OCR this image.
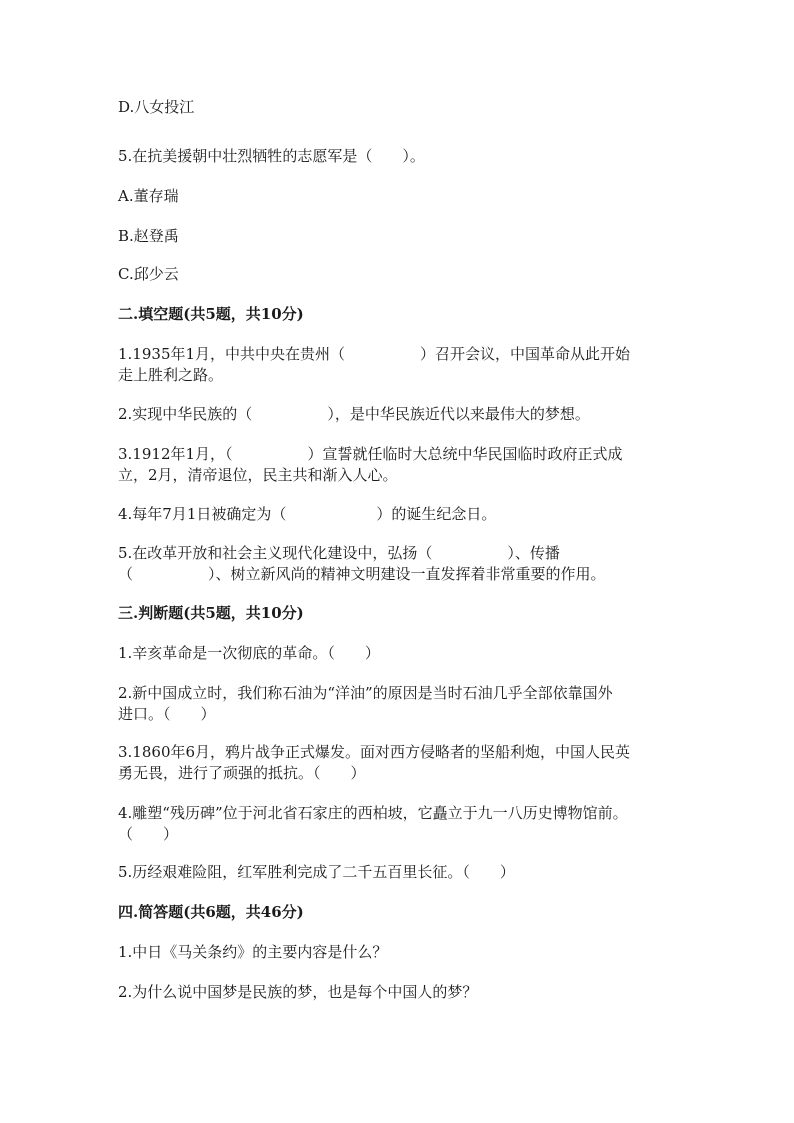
D.八女投江
5.在抗美援朝中壮烈牺牲的志愿军是（　　）。
A.董存瑞
B.赵登禹
C.邱少云
二.填空题(共5题，共10分)
1.1935年1月，中共中央在贵州（　　　　　）召开会议，中国革命从此开始
走上胜利之路。
2.实现中华民族的（　　　　　），是中华民族近代以来最伟大的梦想。
3.1912年1月，（　　　　　）宣誓就任临时大总统中华民国临时政府正式成
立，2月，清帝退位，民主共和渐入人心。
4.每年7月1日被确定为（　　　　　　）的诞生纪念日。
5.在改革开放和社会主义现代化建设中，弘扬（　　　　　）、传播
（　　　　　）、树立新风尚的精神文明建设一直发挥着非常重要的作用。
三.判断题(共5题，共10分)
1.辛亥革命是一次彻底的革命。（　　）
2.新中国成立时，我们称石油为“洋油”的原因是当时石油几乎全部依靠国外
进口。（　　）
3.1860年6月，鸦片战争正式爆发。面对西方侵略者的坚船利炮，中国人民英
勇无畏，进行了顽强的抵抗。（　　）
4.雕塑“残历碑”位于河北省石家庄的西柏坡，它矗立于九一八历史博物馆前。
（　　）
5.历经艰难险阻，红军胜利完成了二千五百里长征。（　　）
四.简答题(共6题，共46分)
1.中日《马关条约》的主要内容是什么？
2.为什么说中国梦是民族的梦，也是每个中国人的梦？
